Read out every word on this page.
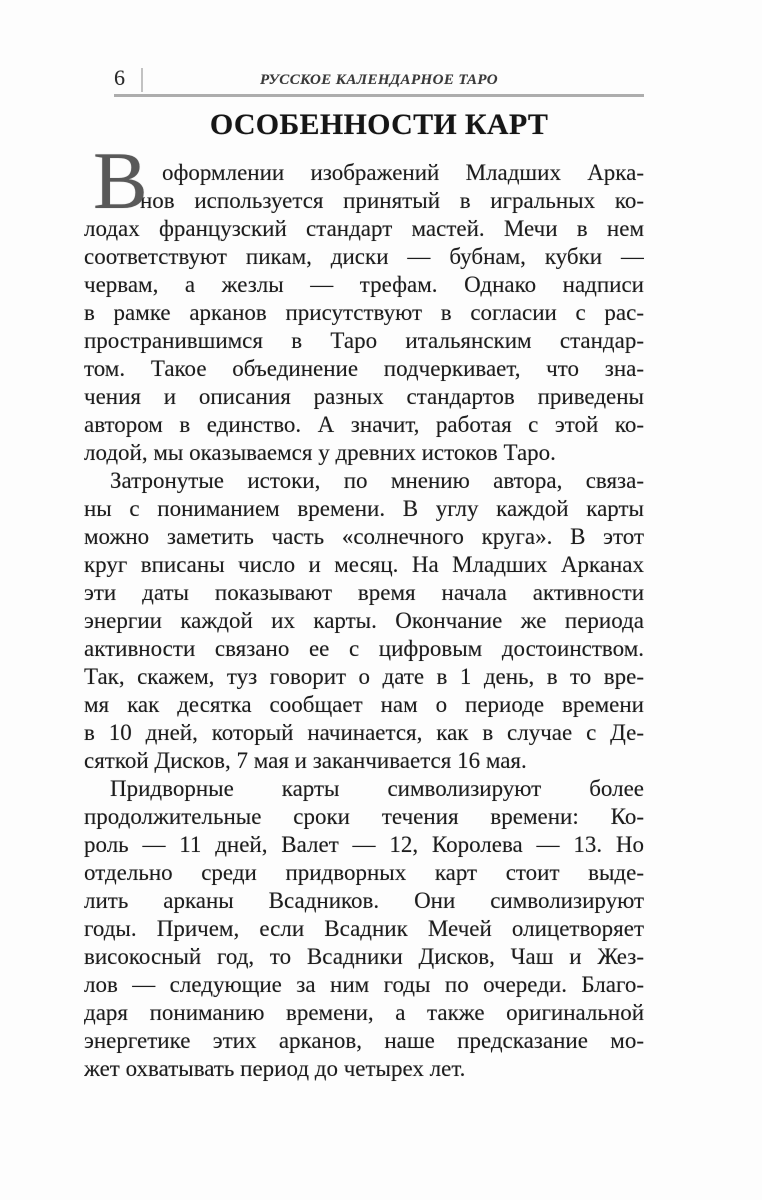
6	РУССКОЕ КАЛЕНДАРНОЕ ТАРО
ОСОБЕННОСТИ КАРТ
В оформлении изображений Младших Арка-
нов используется принятый в игральных ко-
лодах французский стандарт мастей. Мечи в нем
соответствуют пикам, диски — бубнам, кубки —
червам, а жезлы — трефам. Однако надписи
в рамке арканов присутствуют в согласии с рас-
пространившимся в Таро итальянским стандар-
том. Такое объединение подчеркивает, что зна-
чения и описания разных стандартов приведены
автором в единство. А значит, работая с этой ко-
лодой, мы оказываемся у древних истоков Таро.
Затронутые истоки, по мнению автора, связа-
ны с пониманием времени. В углу каждой карты
можно заметить часть «солнечного круга». В этот
круг вписаны число и месяц. На Младших Арканах
эти даты показывают время начала активности
энергии каждой их карты. Окончание же периода
активности связано ее с цифровым достоинством.
Так, скажем, туз говорит о дате в 1 день, в то вре-
мя как десятка сообщает нам о периоде времени
в 10 дней, который начинается, как в случае с Де-
сяткой Дисков, 7 мая и заканчивается 16 мая.
Придворные карты символизируют более
продолжительные сроки течения времени: Ко-
роль — 11 дней, Валет — 12, Королева — 13. Но
отдельно среди придворных карт стоит выде-
лить арканы Всадников. Они символизируют
годы. Причем, если Всадник Мечей олицетворяет
високосный год, то Всадники Дисков, Чаш и Жез-
лов — следующие за ним годы по очереди. Благо-
даря пониманию времени, а также оригинальной
энергетике этих арканов, наше предсказание мо-
жет охватывать период до четырех лет.
